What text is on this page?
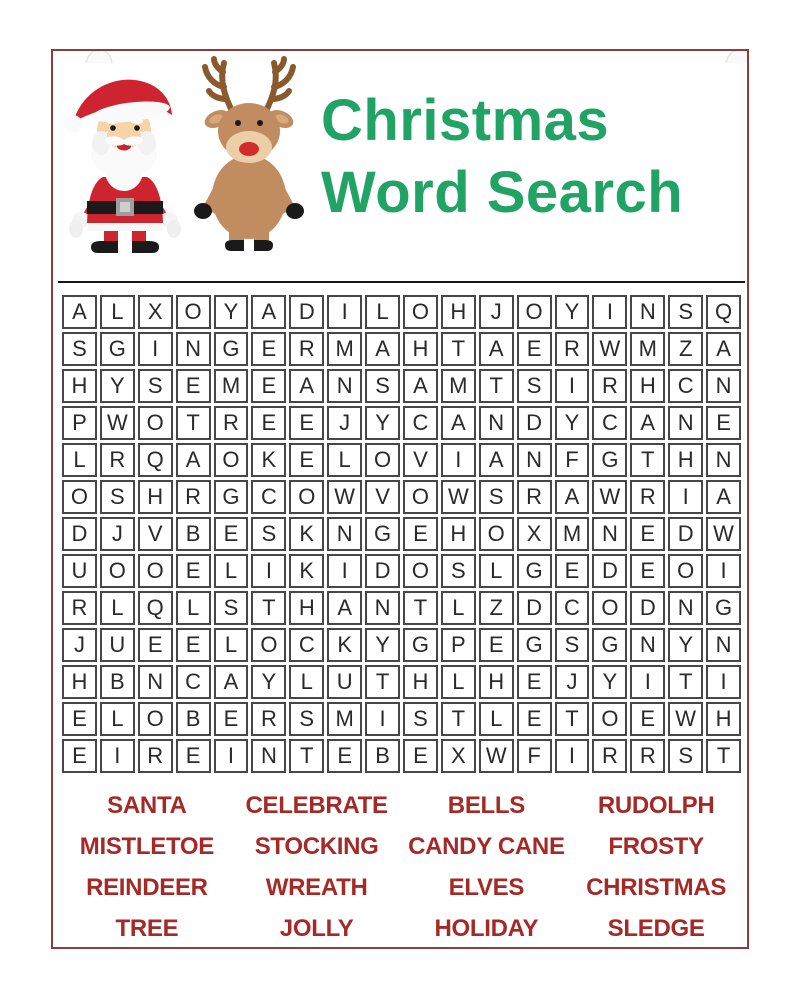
Christmas
Word Search
A	L	X O Y	A	D	I	L	O H	J	O Y	I	N	S Q
S G	I	N G E	R M A	H	T	A	E	R W M	Z	A
H	Y	S	E M E	A	N	S	A M	T	S	I	R	H	C	N
P W O	T	R	E	E	J	Y	C	A	N	D	Y	C	A	N	E
L	R Q A O K	E	L	O V	I	A	N	F	G	T	H	N
O S	H	R G C O W V O W S	R	A W R	I	A
D	J	V	B	E	S	K	N G E	H O X M N	E	D W
U O O E	L	I	K	I	D O S	L	G E	D	E O	I
R	L	Q	L	S	T	H	A	N	T	L	Z	D	C O D	N G
J	U	E	E	L	O C	K	Y G P	E G S G N	Y	N
H	B	N	C	A	Y	L	U	T	H	L	H	E	J	Y	I	T	I
E	L	O B	E	R	S M	I	S	T	L	E	T	O E W H
E	I	R	E	I	N	T	E	B	E	X W F	I	R	R	S	T
SANTA	CELEBRATE	BELLS	RUDOLPH
MISTLETOE	STOCKING	CANDY CANE	FROSTY
REINDEER	WREATH	ELVES	CHRISTMAS
TREE	JOLLY	HOLIDAY	SLEDGE
